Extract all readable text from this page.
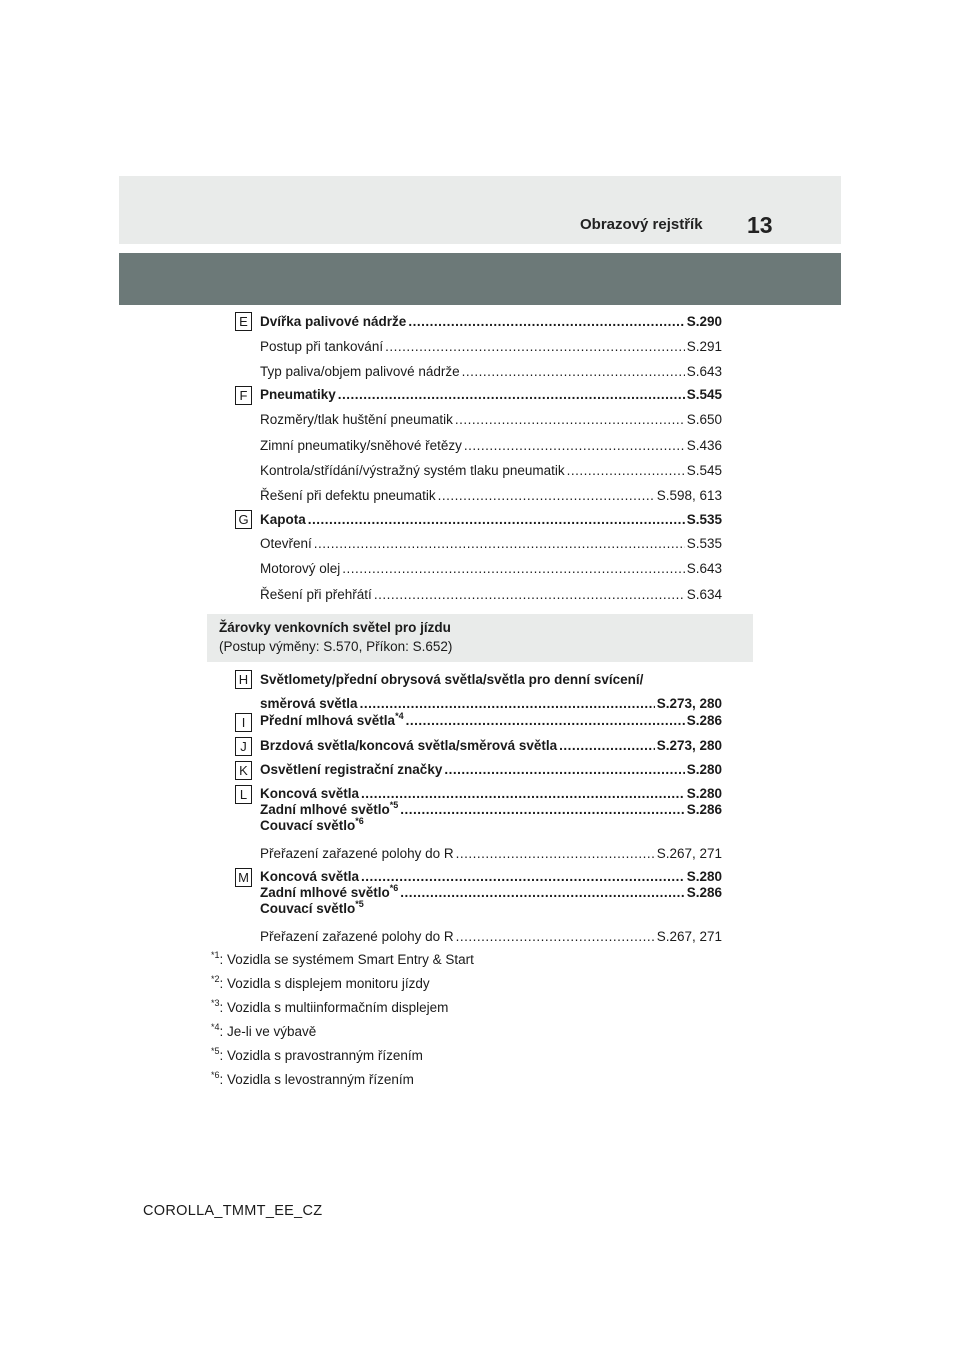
Obrazový rejstřík 13
E Dvířka palivové nádrže .....	S.290
Postup při tankování .....	S.291
Typ paliva/objem palivové nádrže .....	S.643
F Pneumatiky .....	S.545
Rozměry/tlak huštění pneumatik .....	S.650
Zimní pneumatiky/sněhové řetězy .....	S.436
Kontrola/střídání/výstražný systém tlaku pneumatik .....	S.545
Řešení při defektu pneumatik .....	S.598, 613
G Kapota .....	S.535
Otevření .....	S.535
Motorový olej .....	S.643
Řešení při přehřátí .....	S.634
Žárovky venkovních světel pro jízdu
(Postup výměny: S.570, Příkon: S.652)
H Světlomety/přední obrysová světla/světla pro denní svícení/
směrová světla .....	S.273, 280
I	Přední mlhová světla$^{*4}$ .....	S.286
J Brzdová světla/koncová světla/směrová světla .....	S.273, 280
K Osvětlení registrační značky .....	S.280
L Koncová světla .....	S.280
Zadní mlhové světlo$^{*5}$ .....	S.286
Couvací světlo$^{*6}$
Přeřazení zařazené polohy do R .....	S.267, 271
M Koncová světla .....	S.280
Zadní mlhové světlo$^{*6}$ .....	S.286
Couvací světlo$^{*5}$
Přeřazení zařazené polohy do R .....	S.267, 271
$^{*1}$: Vozidla se systémem Smart Entry & Start
$^{*2}$: Vozidla s displejem monitoru jízdy
$^{*3}$: Vozidla s multiinformačním displejem
$^{*4}$: Je-li ve výbavě
$^{*5}$: Vozidla s pravostranným řízením
$^{*6}$: Vozidla s levostranným řízením
COROLLA_TMMT_EE_CZ
